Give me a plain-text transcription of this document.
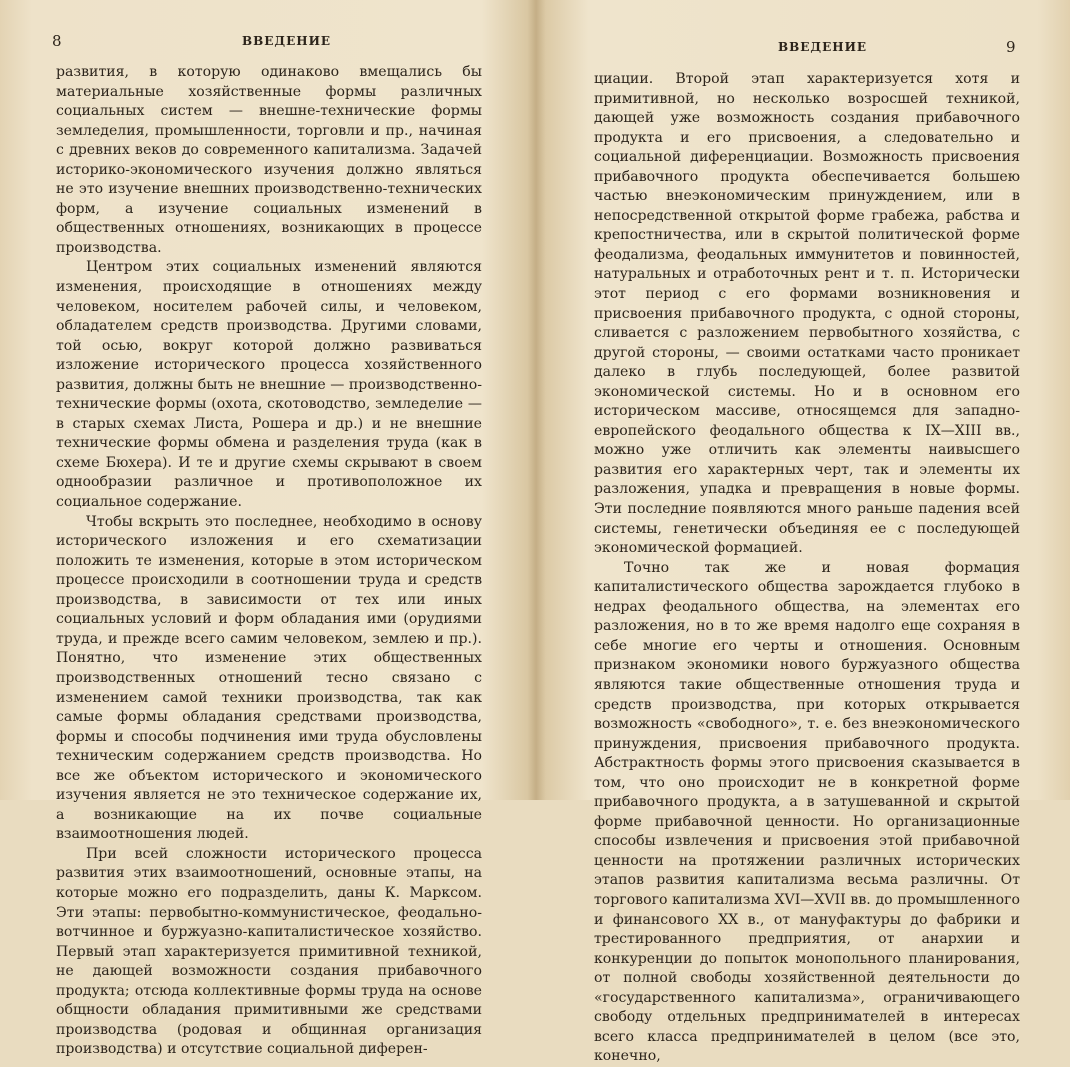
8	ВВЕДЕНИЕ

развития, в которую одинаково вмещались бы материальные хозяйственные формы различных социальных систем — внешне-технические формы земледелия, промышленности, торговли и пр., начиная с древних веков до современного капитализма. Задачей историко-экономического изучения должно являться не это изучение внешних производственно-технических форм, а изучение социальных изменений в общественных отношениях, возникающих в процессе производства.

Центром этих социальных изменений являются изменения, происходящие в отношениях между человеком, носителем рабочей силы, и человеком, обладателем средств производства. Другими словами, той осью, вокруг которой должно развиваться изложение исторического процесса хозяйственного развития, должны быть не внешние — производственно-технические формы (охота, скотоводство, земледелие — в старых схемах Листа, Рошера и др.) и не внешние технические формы обмена и разделения труда (как в схеме Бюхера). И те и другие схемы скрывают в своем однообразии различное и противоположное их социальное содержание.

Чтобы вскрыть это последнее, необходимо в основу исторического изложения и его схематизации положить те изменения, которые в этом историческом процессе происходили в соотношении труда и средств производства, в зависимости от тех или иных социальных условий и форм обладания ими (орудиями труда, и прежде всего самим человеком, землею и пр.). Понятно, что изменение этих общественных производственных отношений тесно связано с изменением самой техники производства, так как самые формы обладания средствами производства, формы и способы подчинения ими труда обусловлены техническим содержанием средств производства. Но все же объектом исторического и экономического изучения является не это техническое содержание их, а возникающие на их почве социальные взаимоотношения людей.

При всей сложности исторического процесса развития этих взаимоотношений, основные этапы, на которые можно его подразделить, даны К. Марксом. Эти этапы: первобытно-коммунистическое, феодально-вотчинное и буржуазно-капиталистическое хозяйство. Первый этап характеризуется примитивной техникой, не дающей возможности создания прибавочного продукта; отсюда коллективные формы труда на основе общности обладания примитивными же средствами производства (родовая и общинная организация производства) и отсутствие социальной диферен-

ВВЕДЕНИЕ	9

циации. Второй этап характеризуется хотя и примитивной, но несколько возросшей техникой, дающей уже возможность создания прибавочного продукта и его присвоения, а следовательно и социальной диференциации. Возможность присвоения прибавочного продукта обеспечивается большею частью внеэкономическим принуждением, или в непосредственной открытой форме грабежа, рабства и крепостничества, или в скрытой политической форме феодализма, феодальных иммунитетов и повинностей, натуральных и отработочных рент и т. п. Исторически этот период с его формами возникновения и присвоения прибавочного продукта, с одной стороны, сливается с разложением первобытного хозяйства, с другой стороны, — своими остатками часто проникает далеко в глубь последующей, более развитой экономической системы. Но и в основном его историческом массиве, относящемся для западно-европейского феодального общества к IX—XIII вв., можно уже отличить как элементы наивысшего развития его характерных черт, так и элементы их разложения, упадка и превращения в новые формы. Эти последние появляются много раньше падения всей системы, генетически объединяя ее с последующей экономической формацией.

Точно так же и новая формация капиталистического общества зарождается глубоко в недрах феодального общества, на элементах его разложения, но в то же время надолго еще сохраняя в себе многие его черты и отношения. Основным признаком экономики нового буржуазного общества являются такие общественные отношения труда и средств производства, при которых открывается возможность «свободного», т. е. без внеэкономического принуждения, присвоения прибавочного продукта. Абстрактность формы этого присвоения сказывается в том, что оно происходит не в конкретной форме прибавочного продукта, а в затушеванной и скрытой форме прибавочной ценности. Но организационные способы извлечения и присвоения этой прибавочной ценности на протяжении различных исторических этапов развития капитализма весьма различны. От торгового капитализма XVI—XVII вв. до промышленного и финансового XX в., от мануфактуры до фабрики и трестированного предприятия, от анархии и конкуренции до попыток монопольного планирования, от полной свободы хозяйственной деятельности до «государственного капитализма», ограничивающего свободу отдельных предпринимателей в интересах всего класса предпринимателей в целом (все это, конечно,
